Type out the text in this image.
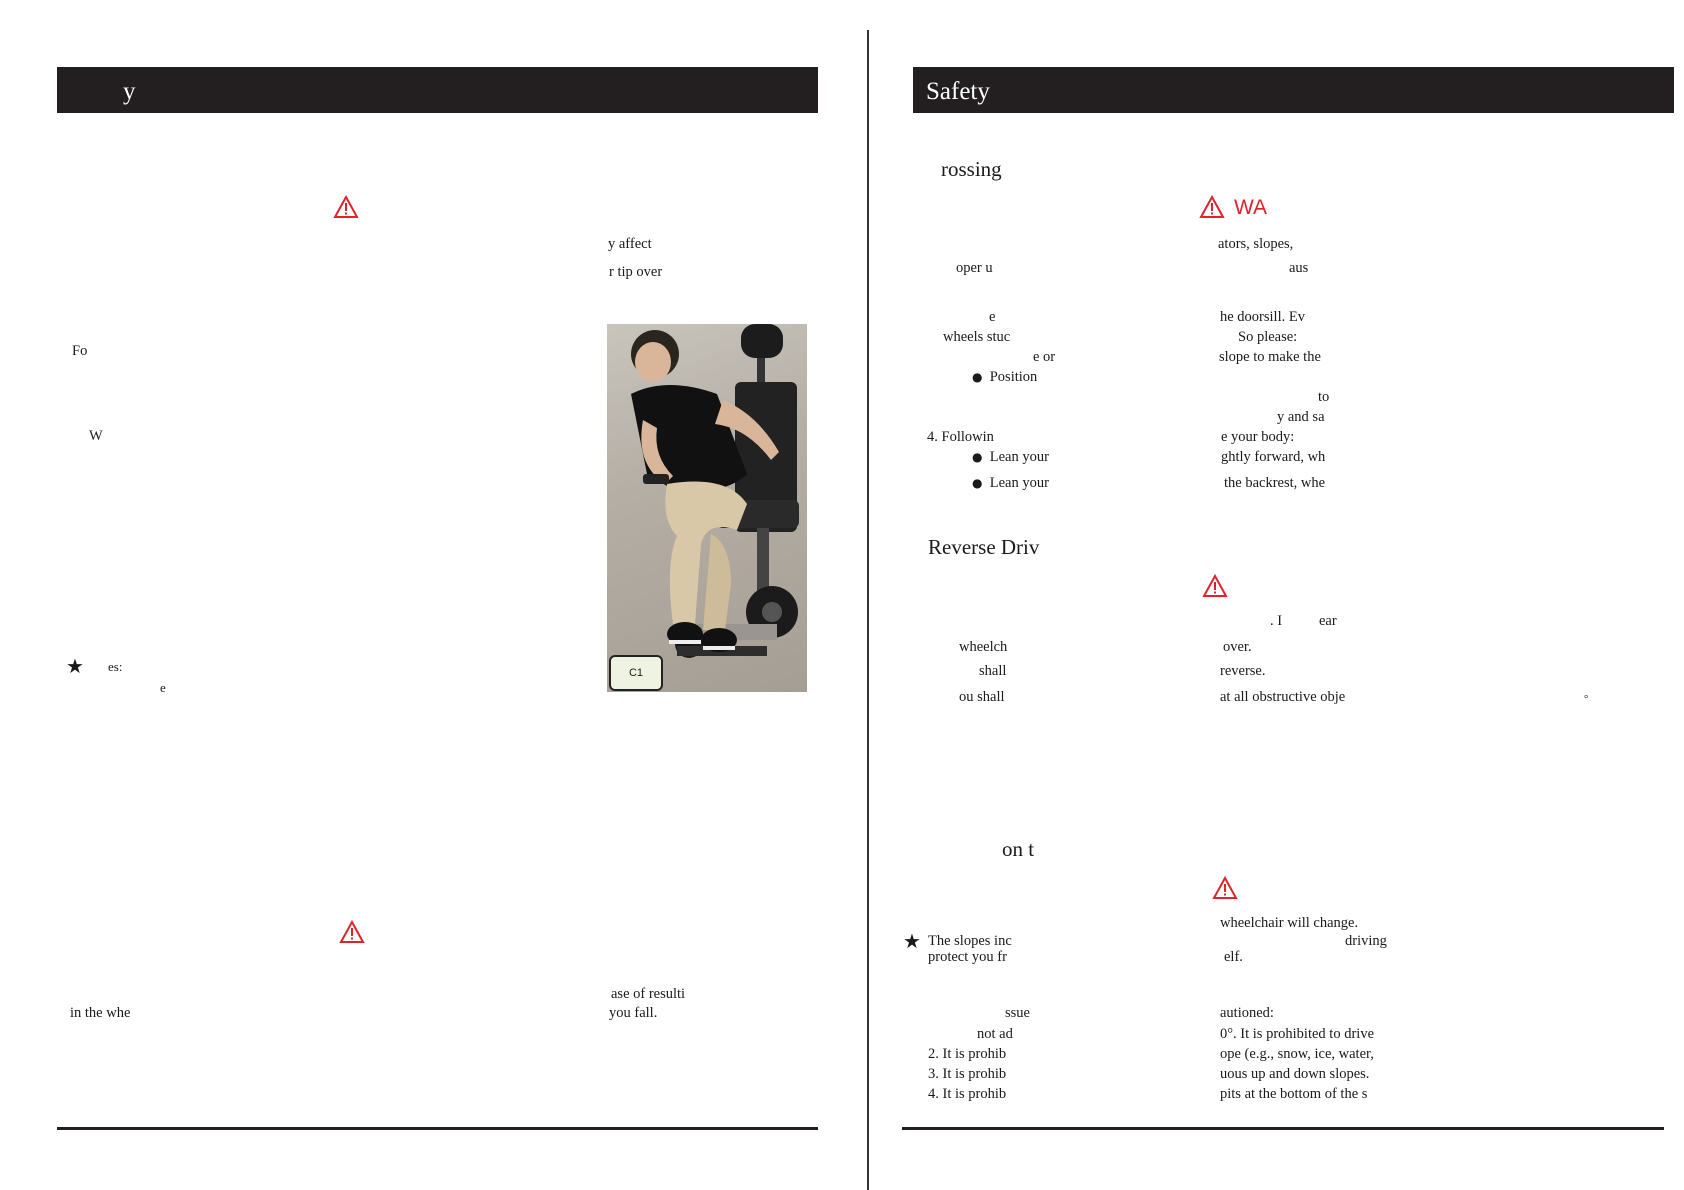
y
y affect
r tip over
Fo
W
C1
★ es:
e
ase of resulti
you fall.
in the whe
Safety
rossing
WA
ators, slopes,
oper u	aus
e	he doorsill. Ev
wheels stuc	So please:
e or	slope to make the
● Position
to
y and sa
4. Followin	e your body:
● Lean your	ghtly forward, wh
● Lean your	the backrest, whe
Reverse Driv
. I	ear
wheelch	over.
shall	reverse.
ou shall	at all obstructive obje	°
on t
wheelchair will change.
★ The slopes inc	driving
protect you fr	elf.
ssue	autioned:
not ad	0°. It is prohibited to drive
2. It is prohib	ope (e.g., snow, ice, water,
3. It is prohib	uous up and down slopes.
4. It is prohib	pits at the bottom of the s
